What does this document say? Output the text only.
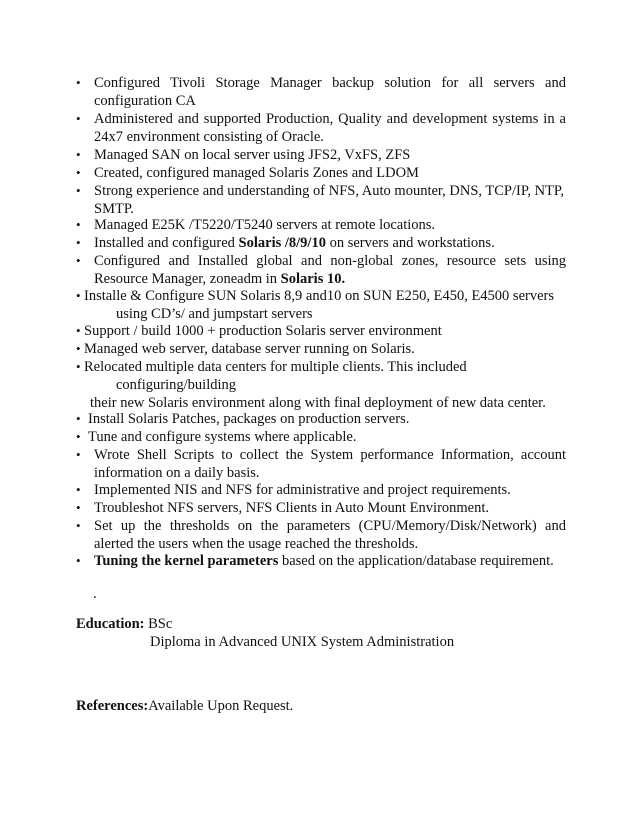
• Configured Tivoli Storage Manager backup solution for all servers and configuration CA
• Administered and supported Production, Quality and development systems in a 24x7 environment consisting of Oracle.
• Managed SAN on local server using JFS2, VxFS, ZFS
• Created, configured managed Solaris Zones and LDOM
• Strong experience and understanding of NFS, Auto mounter, DNS, TCP/IP, NTP, SMTP.
• Managed E25K /T5220/T5240 servers at remote locations.
• Installed and configured Solaris /8/9/10 on servers and workstations.
• Configured and Installed global and non-global zones, resource sets using Resource Manager, zoneadm in Solaris 10.
• Installe & Configure SUN Solaris 8,9 and10 on SUN E250, E450, E4500 servers
using CD’s/ and jumpstart servers
• Support / build 1000 + production Solaris server environment
• Managed web server, database server running on Solaris.
• Relocated multiple data centers for multiple clients. This included
configuring/building
their new Solaris environment along with final deployment of new data center.
• Install Solaris Patches, packages on production servers.
• Tune and configure systems where applicable.
• Wrote Shell Scripts to collect the System performance Information, account information on a daily basis.
• Implemented NIS and NFS for administrative and project requirements.
• Troubleshot NFS servers, NFS Clients in Auto Mount Environment.
• Set up the thresholds on the parameters (CPU/Memory/Disk/Network) and alerted the users when the usage reached the thresholds.
• Tuning the kernel parameters based on the application/database requirement.
.
Education: BSc
Diploma in Advanced UNIX System Administration
References:Available Upon Request.
